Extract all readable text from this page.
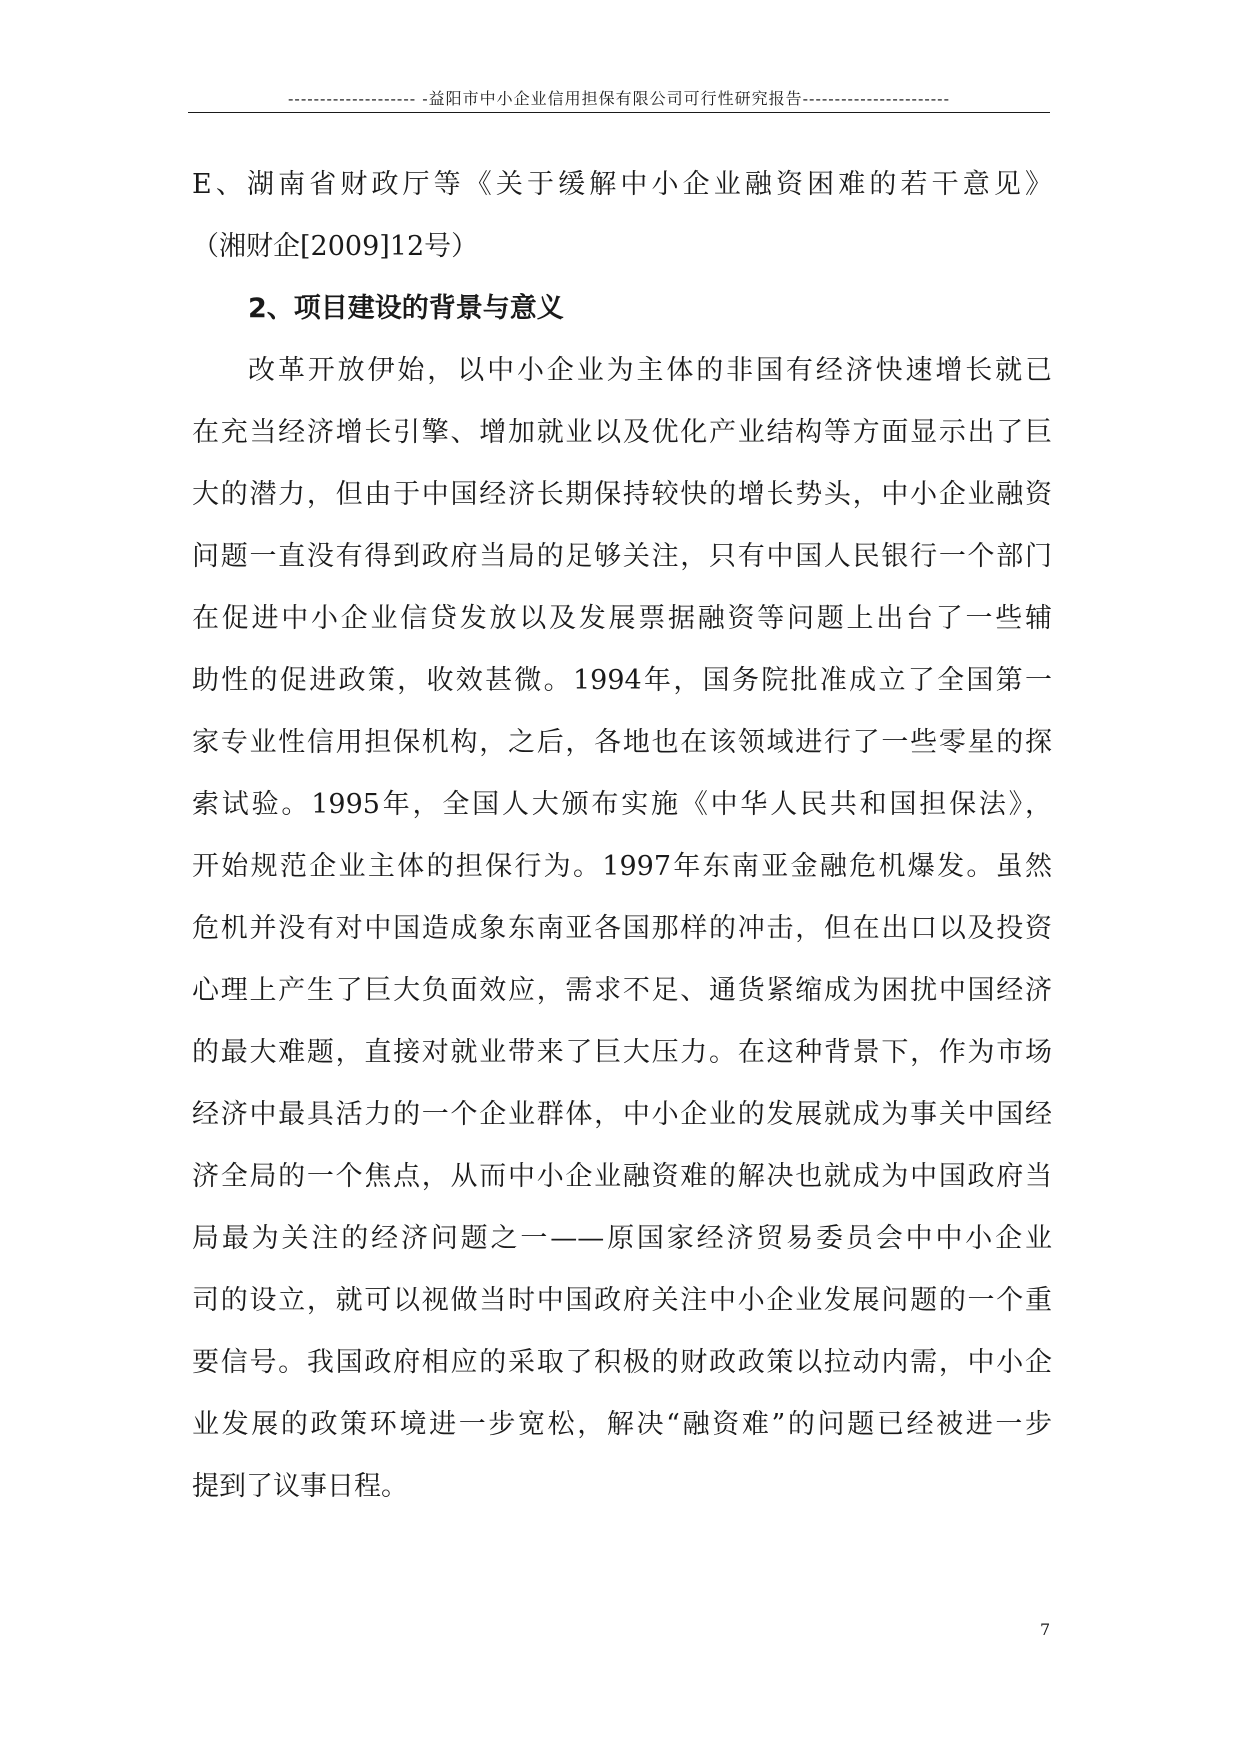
-------------------- -益阳市中小企业信用担保有限公司可行性研究报告-----------------------
E、湖南省财政厅等《关于缓解中小企业融资困难的若干意见》
（湘财企[2009]12号）
2、项目建设的背景与意义
改革开放伊始，以中小企业为主体的非国有经济快速增长就已
在充当经济增长引擎、增加就业以及优化产业结构等方面显示出了巨
大的潜力，但由于中国经济长期保持较快的增长势头，中小企业融资
问题一直没有得到政府当局的足够关注，只有中国人民银行一个部门
在促进中小企业信贷发放以及发展票据融资等问题上出台了一些辅
助性的促进政策，收效甚微。1994年，国务院批准成立了全国第一
家专业性信用担保机构，之后，各地也在该领域进行了一些零星的探
索试验。1995年，全国人大颁布实施《中华人民共和国担保法》，
开始规范企业主体的担保行为。1997年东南亚金融危机爆发。虽然
危机并没有对中国造成象东南亚各国那样的冲击，但在出口以及投资
心理上产生了巨大负面效应，需求不足、通货紧缩成为困扰中国经济
的最大难题，直接对就业带来了巨大压力。在这种背景下，作为市场
经济中最具活力的一个企业群体，中小企业的发展就成为事关中国经
济全局的一个焦点，从而中小企业融资难的解决也就成为中国政府当
局最为关注的经济问题之一——原国家经济贸易委员会中中小企业
司的设立，就可以视做当时中国政府关注中小企业发展问题的一个重
要信号。我国政府相应的采取了积极的财政政策以拉动内需，中小企
业发展的政策环境进一步宽松，解决“融资难”的问题已经被进一步
提到了议事日程。
7
